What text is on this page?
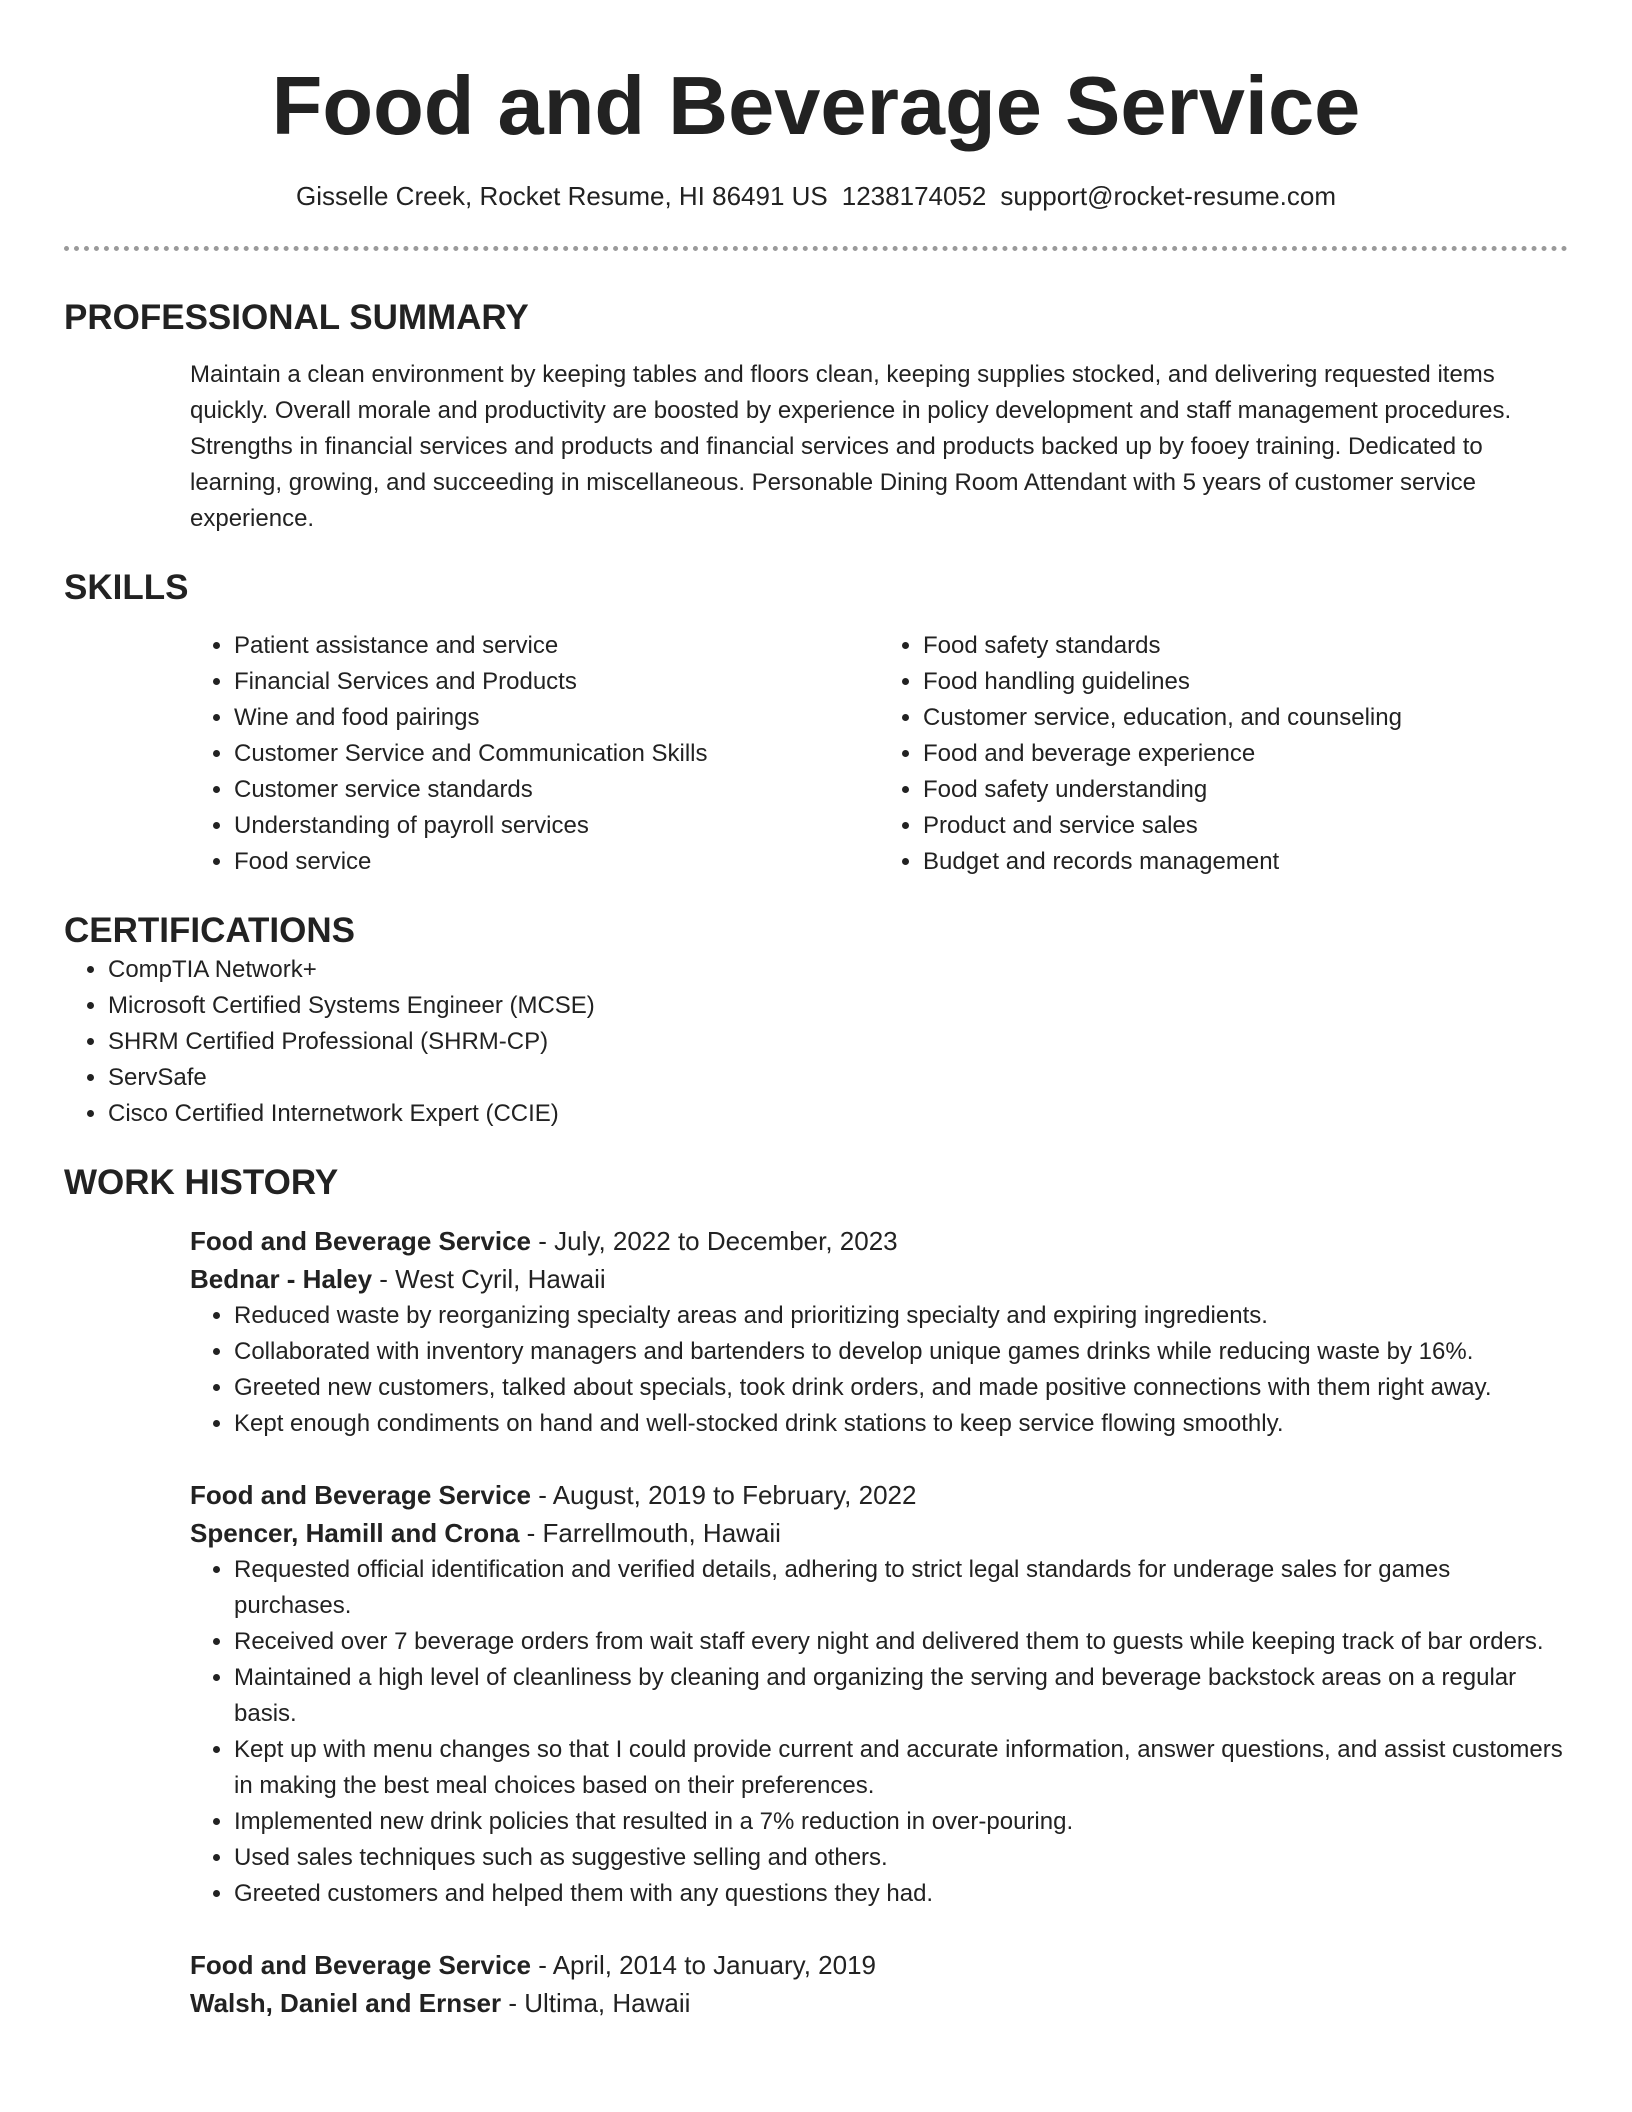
Food and Beverage Service
Gisselle Creek, Rocket Resume, HI 86491 US 1238174052 support@rocket-resume.com
PROFESSIONAL SUMMARY

Maintain a clean environment by keeping tables and floors clean, keeping supplies stocked, and delivering requested items quickly. Overall morale and productivity are boosted by experience in policy development and staff management procedures. Strengths in financial services and products and financial services and products backed up by fooey training. Dedicated to learning, growing, and succeeding in miscellaneous. Personable Dining Room Attendant with 5 years of customer service experience.

SKILLS
• Patient assistance and service
• Financial Services and Products
• Wine and food pairings
• Customer Service and Communication Skills
• Customer service standards
• Understanding of payroll services
• Food service
• Food safety standards
• Food handling guidelines
• Customer service, education, and counseling
• Food and beverage experience
• Food safety understanding
• Product and service sales
• Budget and records management
CERTIFICATIONS
• CompTIA Network+
• Microsoft Certified Systems Engineer (MCSE)
• SHRM Certified Professional (SHRM-CP)
• ServSafe
• Cisco Certified Internetwork Expert (CCIE)
WORK HISTORY
Food and Beverage Service - July, 2022 to December, 2023
Bednar - Haley - West Cyril, Hawaii
• Reduced waste by reorganizing specialty areas and prioritizing specialty and expiring ingredients.
• Collaborated with inventory managers and bartenders to develop unique games drinks while reducing waste by 16%.
• Greeted new customers, talked about specials, took drink orders, and made positive connections with them right away.
• Kept enough condiments on hand and well-stocked drink stations to keep service flowing smoothly.
Food and Beverage Service - August, 2019 to February, 2022
Spencer, Hamill and Crona - Farrellmouth, Hawaii
• Requested official identification and verified details, adhering to strict legal standards for underage sales for games purchases.
• Received over 7 beverage orders from wait staff every night and delivered them to guests while keeping track of bar orders.
• Maintained a high level of cleanliness by cleaning and organizing the serving and beverage backstock areas on a regular basis.
• Kept up with menu changes so that I could provide current and accurate information, answer questions, and assist customers in making the best meal choices based on their preferences.
• Implemented new drink policies that resulted in a 7% reduction in over-pouring.
• Used sales techniques such as suggestive selling and others.
• Greeted customers and helped them with any questions they had.
Food and Beverage Service - April, 2014 to January, 2019
Walsh, Daniel and Ernser - Ultima, Hawaii
